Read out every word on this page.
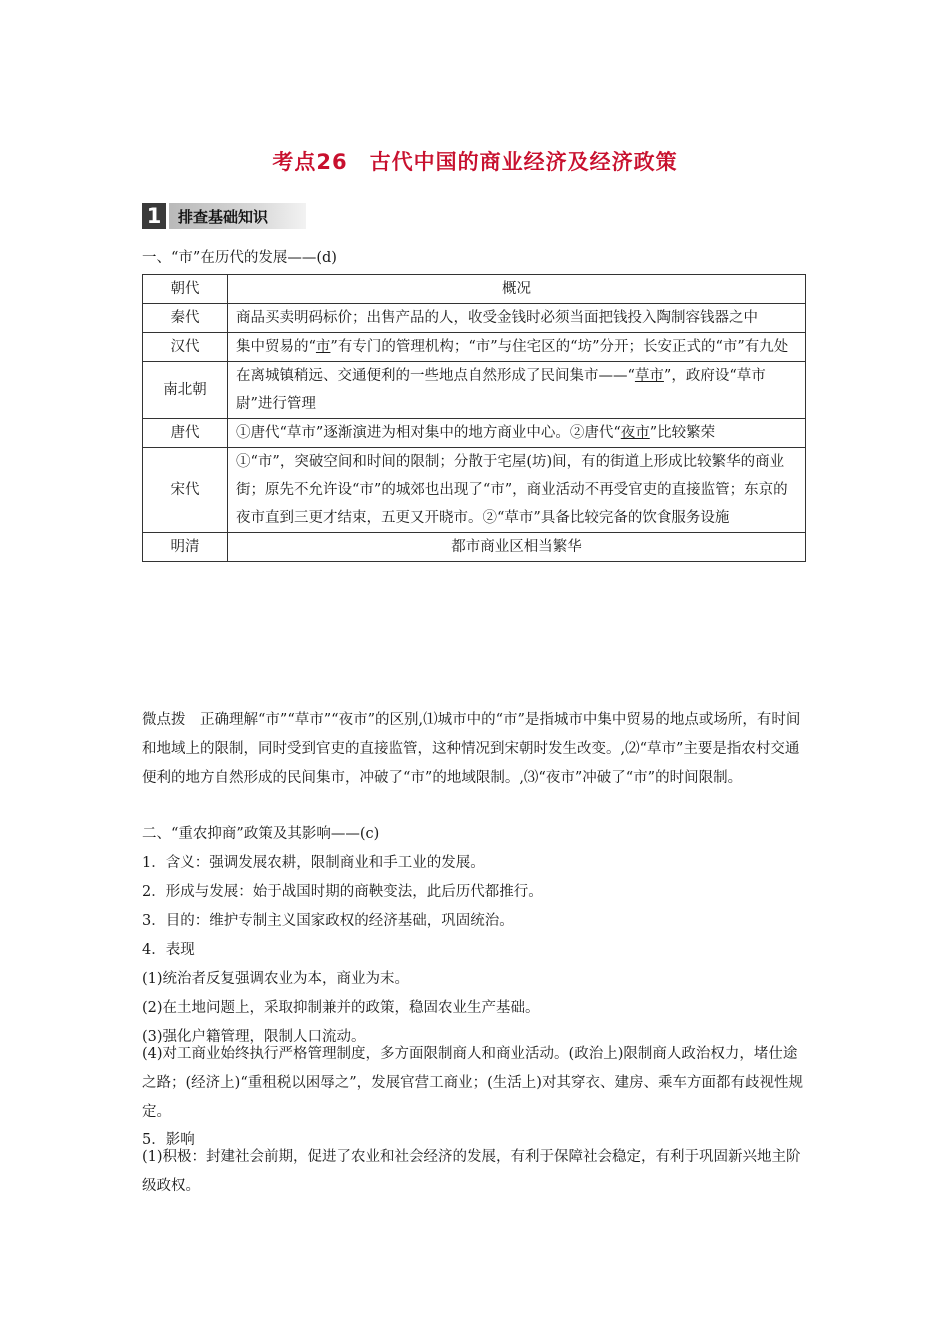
考点26　古代中国的商业经济及经济政策
1	排查基础知识
一、“市”在历代的发展——(d)
朝代	概况
秦代	商品买卖明码标价；出售产品的人，收受金钱时必须当面把钱投入陶制容钱器之中
汉代	集中贸易的“市”有专门的管理机构；“市”与住宅区的“坊”分开；长安正式的“市”有九处
南北朝	在离城镇稍远、交通便利的一些地点自然形成了民间集市——“草市”，政府设“草市尉”进行管理
唐代	①唐代“草市”逐渐演进为相对集中的地方商业中心。②唐代“夜市”比较繁荣
宋代	①“市”，突破空间和时间的限制；分散于宅屋(坊)间，有的街道上形成比较繁华的商业街；原先不允许设“市”的城郊也出现了“市”，商业活动不再受官吏的直接监管；东京的夜市直到三更才结束，五更又开晓市。②“草市”具备比较完备的饮食服务设施
明清	都市商业区相当繁华
微点拨　正确理解“市”“草市”“夜市”的区别,⑴城市中的“市”是指城市中集中贸易的地点或场所，有时间和地域上的限制，同时受到官吏的直接监管，这种情况到宋朝时发生改变。,⑵“草市”主要是指农村交通便利的地方自然形成的民间集市，冲破了“市”的地域限制。,⑶“夜市”冲破了“市”的时间限制。
二、“重农抑商”政策及其影响——(c)
1．含义：强调发展农耕，限制商业和手工业的发展。
2．形成与发展：始于战国时期的商鞅变法，此后历代都推行。
3．目的：维护专制主义国家政权的经济基础，巩固统治。
4．表现
(1)统治者反复强调农业为本，商业为末。
(2)在土地问题上，采取抑制兼并的政策，稳固农业生产基础。
(3)强化户籍管理，限制人口流动。
(4)对工商业始终执行严格管理制度，多方面限制商人和商业活动。(政治上)限制商人政治权力，堵仕途之路；(经济上)“重租税以困辱之”，发展官营工商业；(生活上)对其穿衣、建房、乘车方面都有歧视性规定。
5．影响
(1)积极：封建社会前期，促进了农业和社会经济的发展，有利于保障社会稳定，有利于巩固新兴地主阶级政权。
